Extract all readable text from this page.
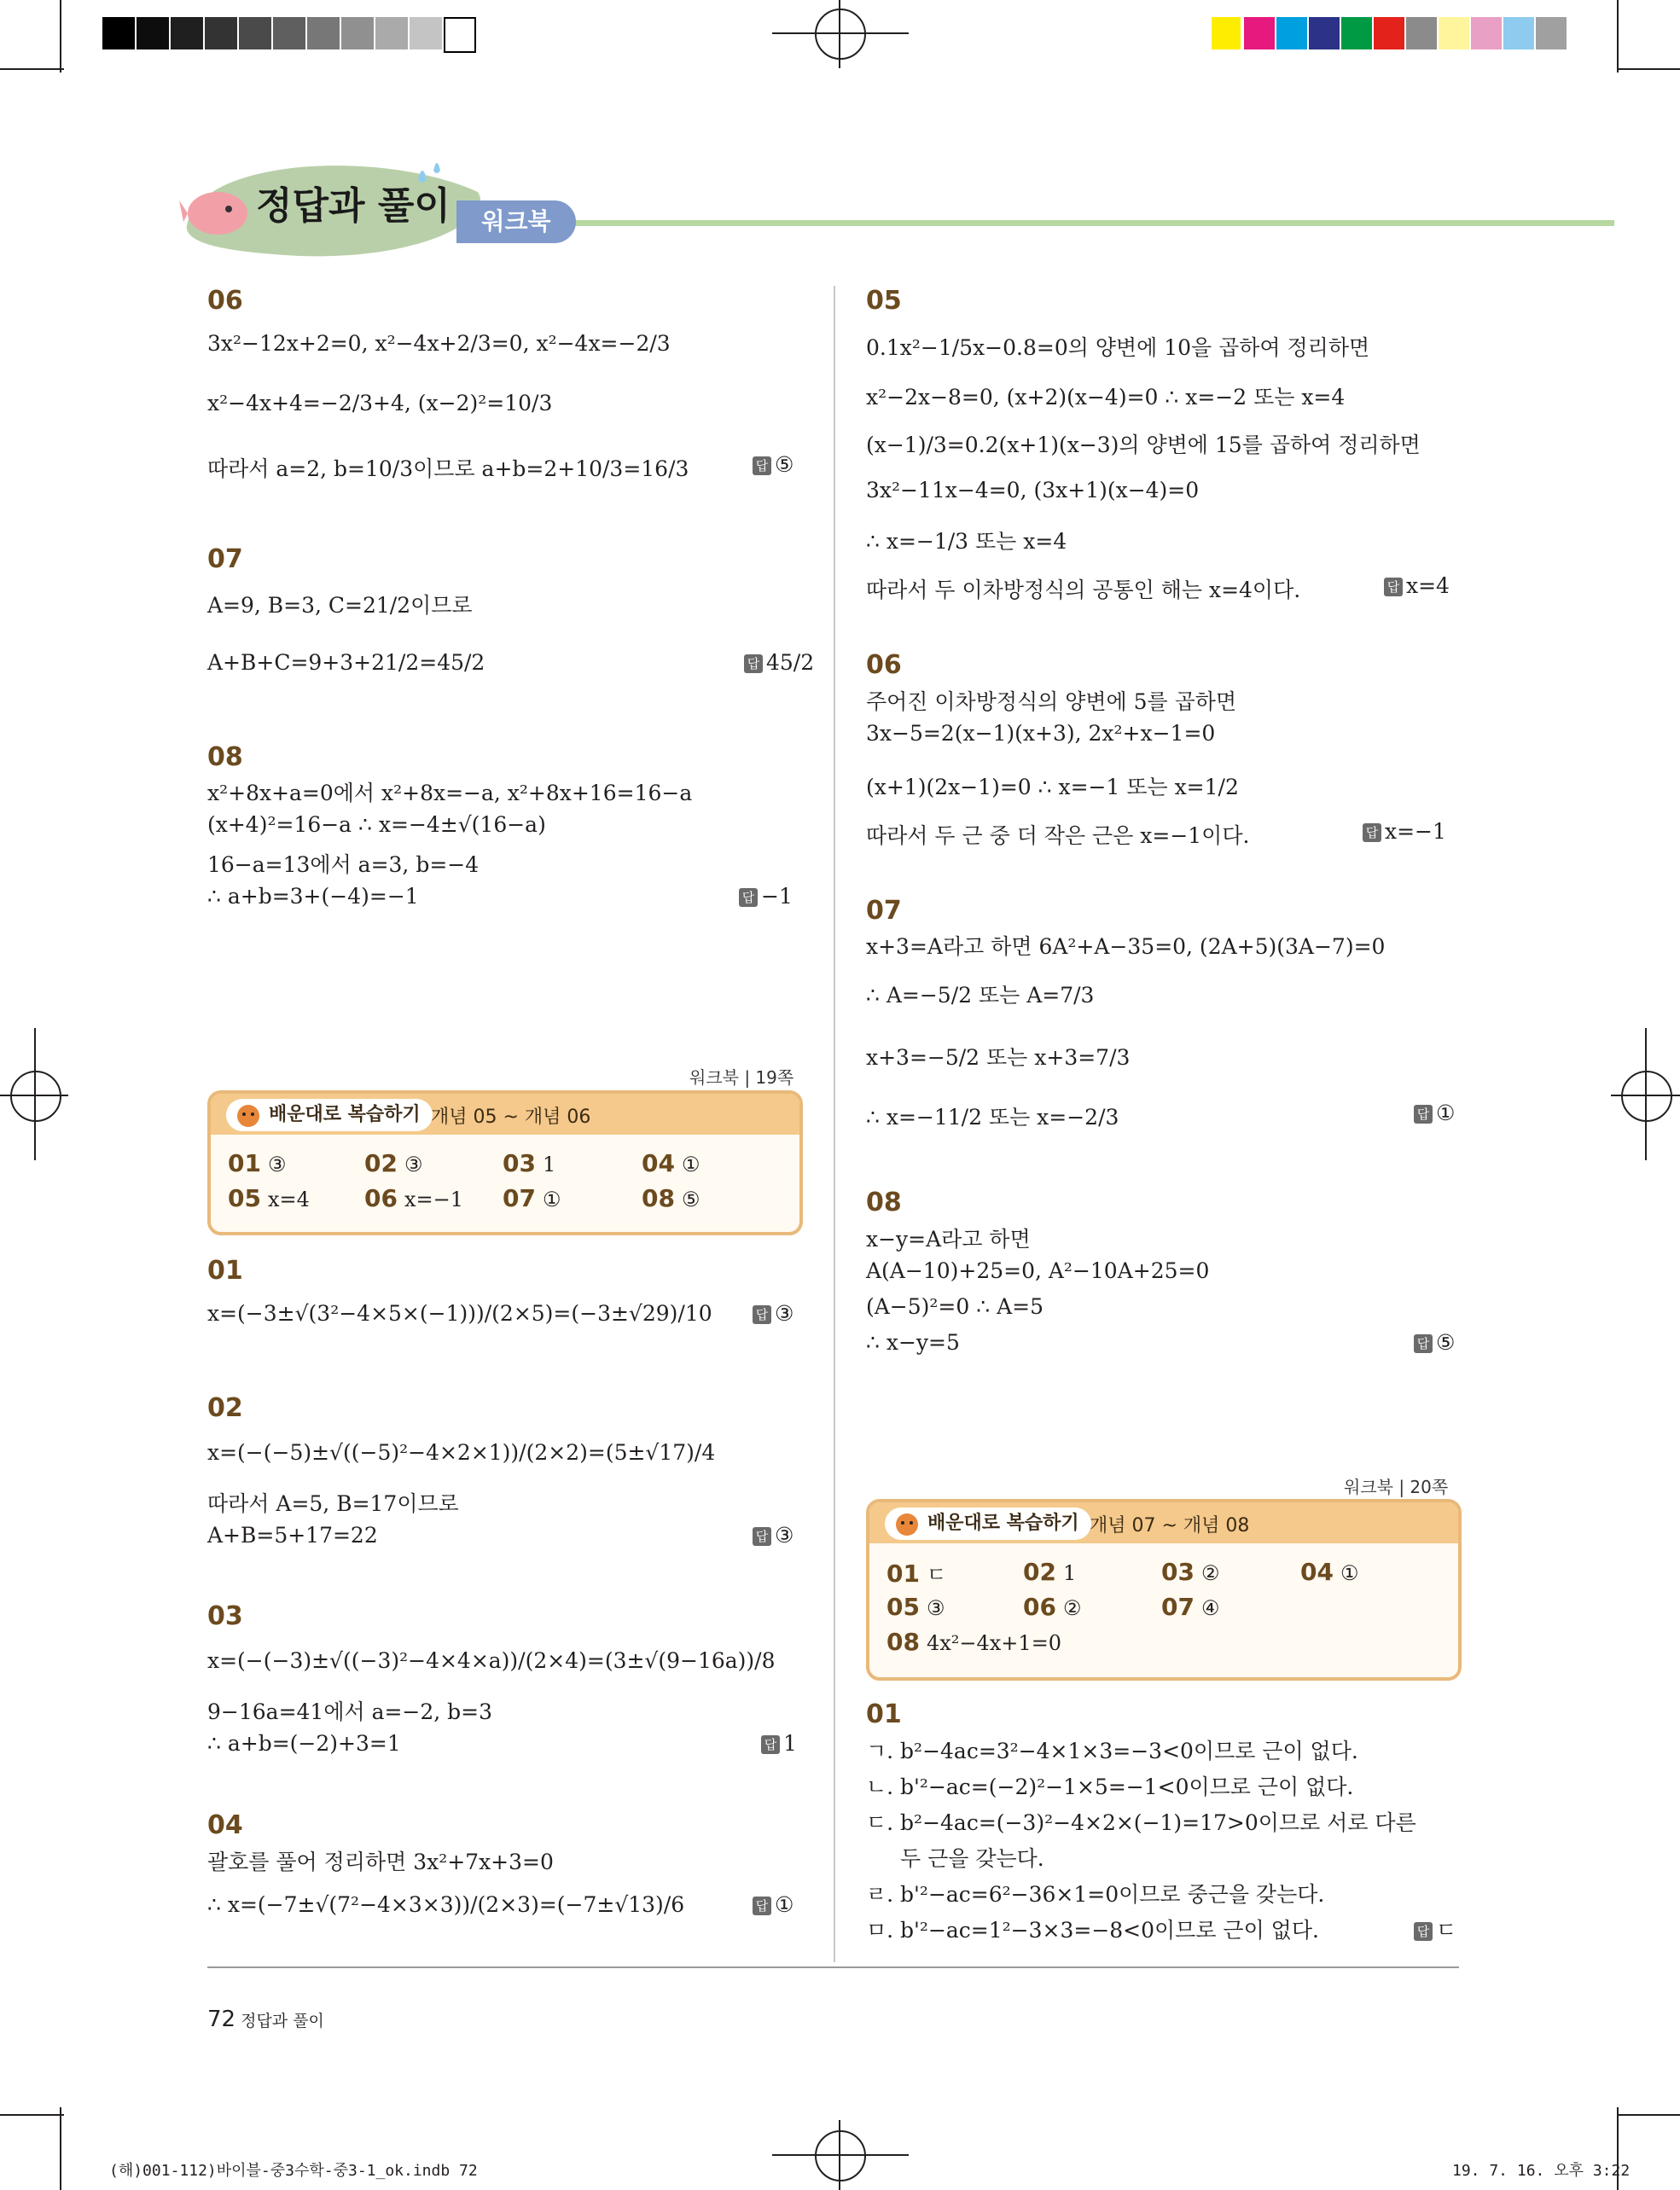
정답과 풀이	워크북
06
3x²−12x+2=0, x²−4x+2/3=0, x²−4x=−2/3
x²−4x+4=−2/3+4, (x−2)²=10/3
따라서 a=2, b=10/3이므로 a+b=2+10/3=16/3	답 ⑤
07
A=9, B=3, C=21/2이므로
A+B+C=9+3+21/2=45/2	답 45/2
08
x²+8x+a=0에서 x²+8x=−a, x²+8x+16=16−a
(x+4)²=16−a ∴ x=−4±√(16−a)
16−a=13에서 a=3, b=−4
∴ a+b=3+(−4)=−1	답 −1
워크북 | 19쪽
배운대로 복습하기 개념 05 ~ 개념 06
01 ③	02 ③	03 1	04 ①
05 x=4 06 x=−1 07 ①	08 ⑤
01
x=(−3±√(3²−4×5×(−1)))/(2×5)=(−3±√29)/10	답 ③
02
x=(−(−5)±√((−5)²−4×2×1))/(2×2)=(5±√17)/4
따라서 A=5, B=17이므로
A+B=5+17=22	답 ③
03
x=(−(−3)±√((−3)²−4×4×a))/(2×4)=(3±√(9−16a))/8
9−16a=41에서 a=−2, b=3
∴ a+b=(−2)+3=1	답 1
04
괄호를 풀어 정리하면 3x²+7x+3=0
∴ x=(−7±√(7²−4×3×3))/(2×3)=(−7±√13)/6	답 ①
05
0.1x²−1/5x−0.8=0의 양변에 10을 곱하여 정리하면
x²−2x−8=0, (x+2)(x−4)=0 ∴ x=−2 또는 x=4
(x−1)/3=0.2(x+1)(x−3)의 양변에 15를 곱하여 정리하면
3x²−11x−4=0, (3x+1)(x−4)=0
∴ x=−1/3 또는 x=4
따라서 두 이차방정식의 공통인 해는 x=4이다.	답 x=4
06
주어진 이차방정식의 양변에 5를 곱하면
3x−5=2(x−1)(x+3), 2x²+x−1=0
(x+1)(2x−1)=0 ∴ x=−1 또는 x=1/2
따라서 두 근 중 더 작은 근은 x=−1이다.	답 x=−1
07
x+3=A라고 하면 6A²+A−35=0, (2A+5)(3A−7)=0
∴ A=−5/2 또는 A=7/3
x+3=−5/2 또는 x+3=7/3
∴ x=−11/2 또는 x=−2/3	답 ①
08
x−y=A라고 하면
A(A−10)+25=0, A²−10A+25=0
(A−5)²=0 ∴ A=5
∴ x−y=5	답 ⑤
워크북 | 20쪽
배운대로 복습하기 개념 07 ~ 개념 08
01 ㄷ	02 1	03 ②	04 ①
05 ③	06 ②	07 ④
08 4x²−4x+1=0
01
ㄱ. b²−4ac=3²−4×1×3=−3<0이므로 근이 없다.
ㄴ. b'²−ac=(−2)²−1×5=−1<0이므로 근이 없다.
ㄷ. b²−4ac=(−3)²−4×2×(−1)=17>0이므로 서로 다른
두 근을 갖는다.
ㄹ. b'²−ac=6²−36×1=0이므로 중근을 갖는다.
ㅁ. b'²−ac=1²−3×3=−8<0이므로 근이 없다.	답 ㄷ
72 정답과 풀이
(해)001-112)바이블-중3수학-중3-1_ok.indb 72	19. 7. 16. 오후 3:22
